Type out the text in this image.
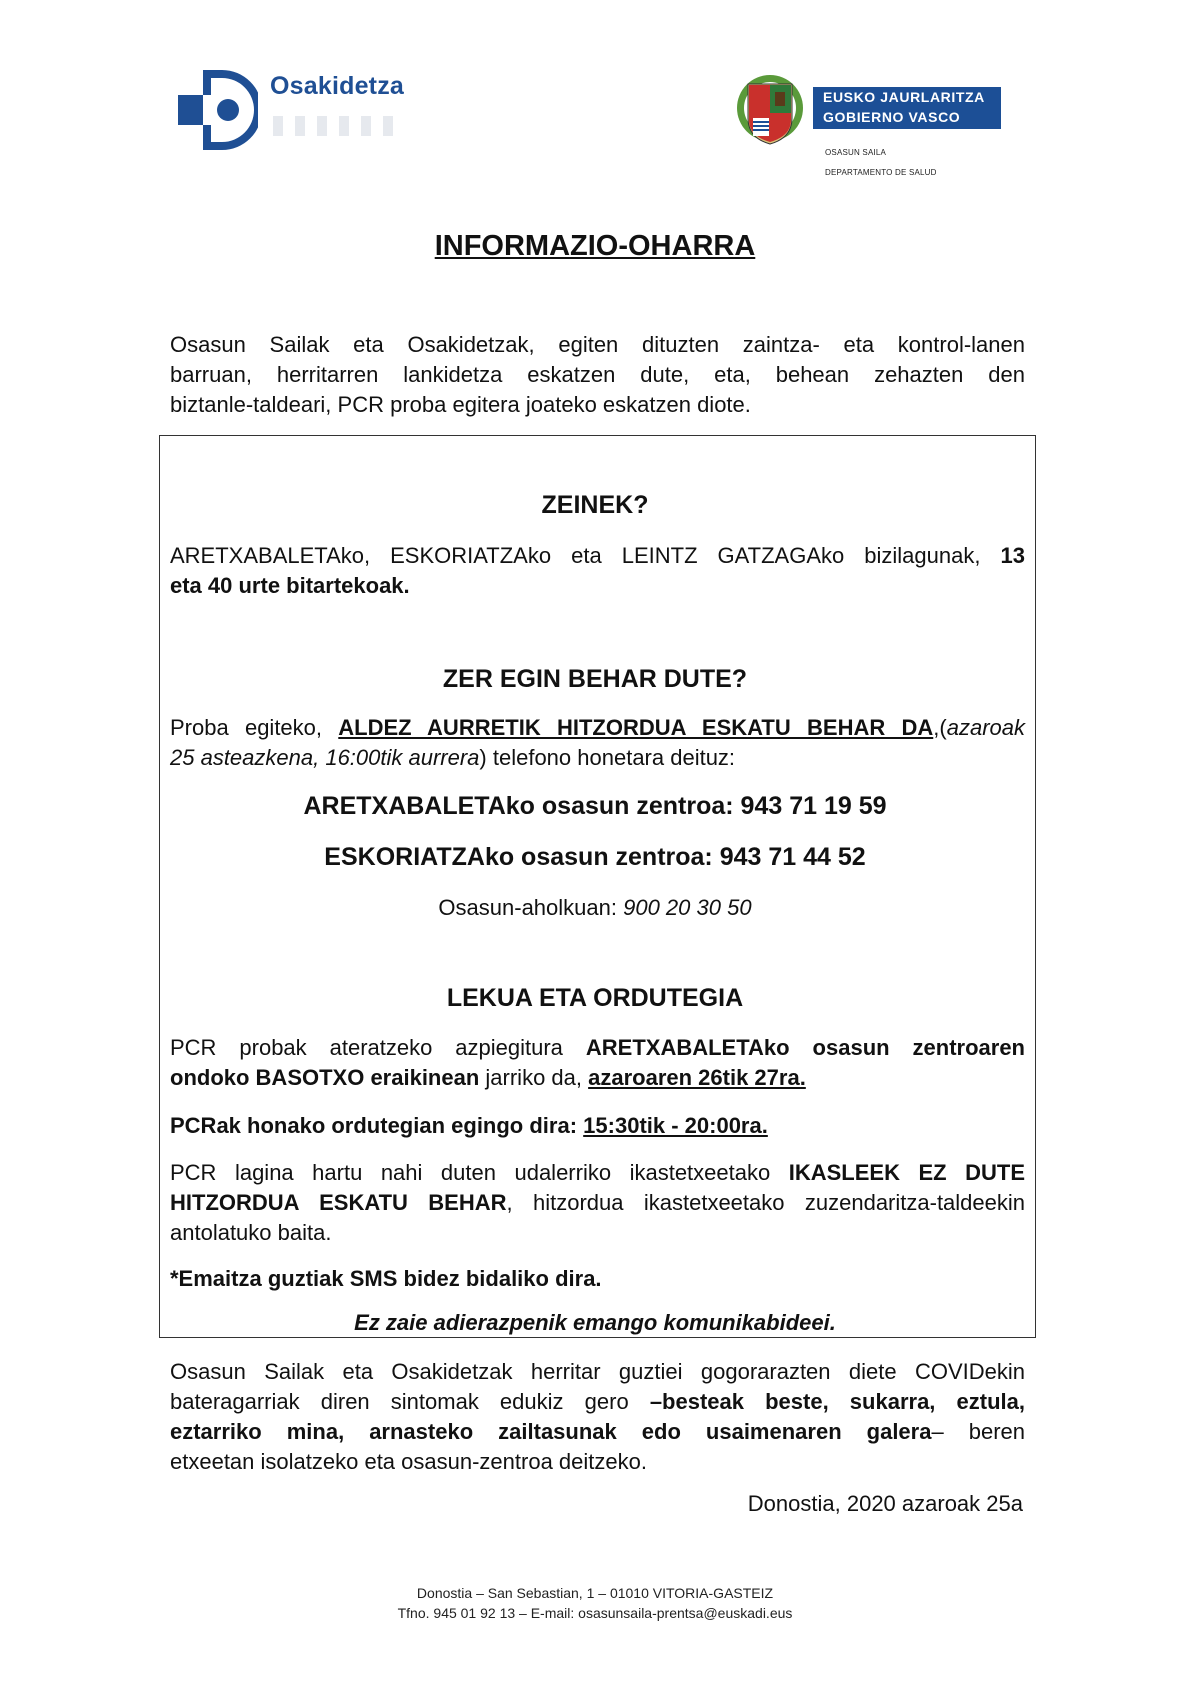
Osakidetza	EUSKO JAURLARITZA
GOBIERNO VASCO
OSASUN SAILA
DEPARTAMENTO DE SALUD
INFORMAZIO-OHARRA
Osasun Sailak eta Osakidetzak, egiten dituzten zaintza- eta kontrol-lanen
barruan, herritarren lankidetza eskatzen dute, eta, behean zehazten den
biztanle-taldeari, PCR proba egitera joateko eskatzen diote.
ZEINEK?
ARETXABALETAko, ESKORIATZAko eta LEINTZ GATZAGAko bizilagunak, 13
eta 40 urte bitartekoak.
ZER EGIN BEHAR DUTE?
Proba egiteko, ALDEZ AURRETIK HITZORDUA ESKATU BEHAR DA,(azaroak
25 asteazkena, 16:00tik aurrera) telefono honetara deituz:
ARETXABALETAko osasun zentroa: 943 71 19 59
ESKORIATZAko osasun zentroa: 943 71 44 52
Osasun-aholkuan: 900 20 30 50
LEKUA ETA ORDUTEGIA
PCR probak ateratzeko azpiegitura ARETXABALETAko osasun zentroaren
ondoko BASOTXO eraikinean jarriko da, azaroaren 26tik 27ra.
PCRak honako ordutegian egingo dira: 15:30tik - 20:00ra.
PCR lagina hartu nahi duten udalerriko ikastetxeetako IKASLEEK EZ DUTE
HITZORDUA ESKATU BEHAR, hitzordua ikastetxeetako zuzendaritza-taldeekin
antolatuko baita.
*Emaitza guztiak SMS bidez bidaliko dira.
Ez zaie adierazpenik emango komunikabideei.
Osasun Sailak eta Osakidetzak herritar guztiei gogorarazten diete COVIDekin
bateragarriak diren sintomak edukiz gero –besteak beste, sukarra, eztula,
eztarriko mina, arnasteko zailtasunak edo usaimenaren galera– beren
etxeetan isolatzeko eta osasun-zentroa deitzeko.
Donostia, 2020 azaroak 25a
Donostia – San Sebastian, 1 – 01010 VITORIA-GASTEIZ
Tfno. 945 01 92 13 – E-mail: osasunsaila-prentsa@euskadi.eus
